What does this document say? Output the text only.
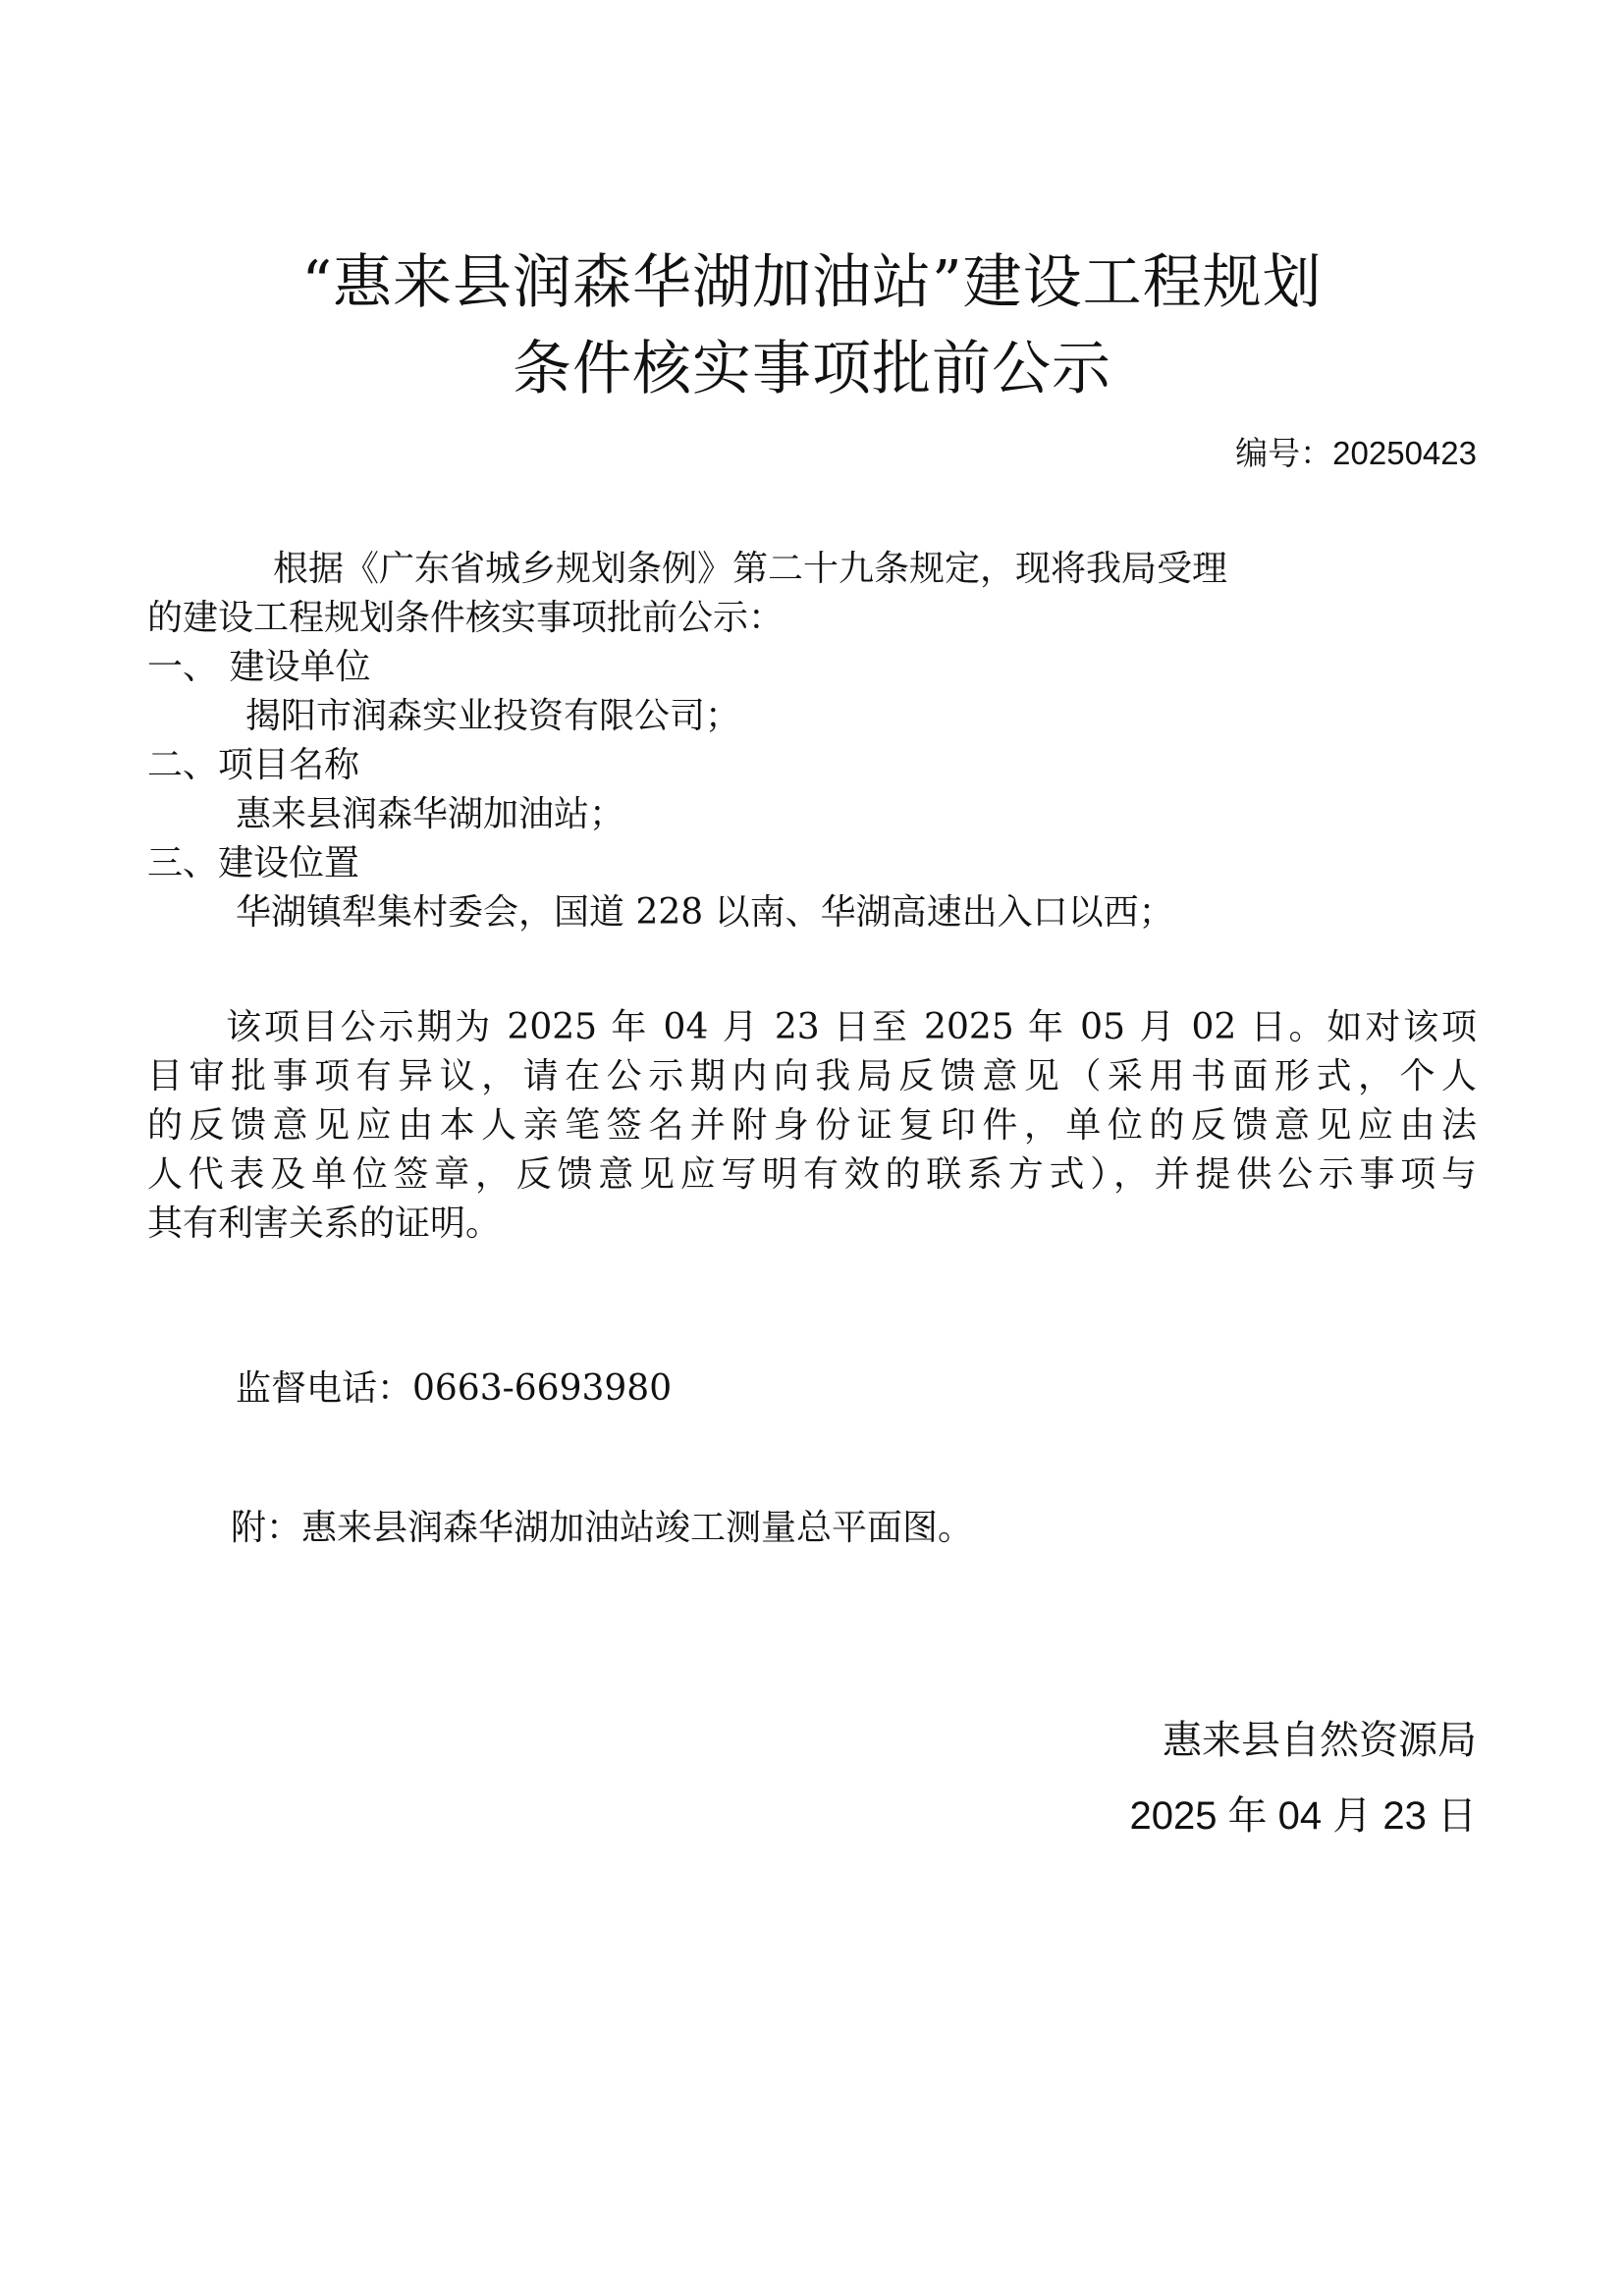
“惠来县润森华湖加油站”建设工程规划
条件核实事项批前公示
编号：20250423
根据《广东省城乡规划条例》第二十九条规定，现将我局受理
的建设工程规划条件核实事项批前公示：
一、 建设单位
揭阳市润森实业投资有限公司；
二、项目名称
惠来县润森华湖加油站；
三、建设位置
华湖镇犁集村委会，国道 228 以南、华湖高速出入口以西；
该项目公示期为 2025 年 04 月 23 日至 2025 年 05 月 02 日。如对该项
目审批事项有异议，请在公示期内向我局反馈意见（采用书面形式，个人
的反馈意见应由本人亲笔签名并附身份证复印件，单位的反馈意见应由法
人代表及单位签章，反馈意见应写明有效的联系方式），并提供公示事项与
其有利害关系的证明。
监督电话：0663-6693980
附：惠来县润森华湖加油站竣工测量总平面图。
惠来县自然资源局
2025 年 04 月 23 日
